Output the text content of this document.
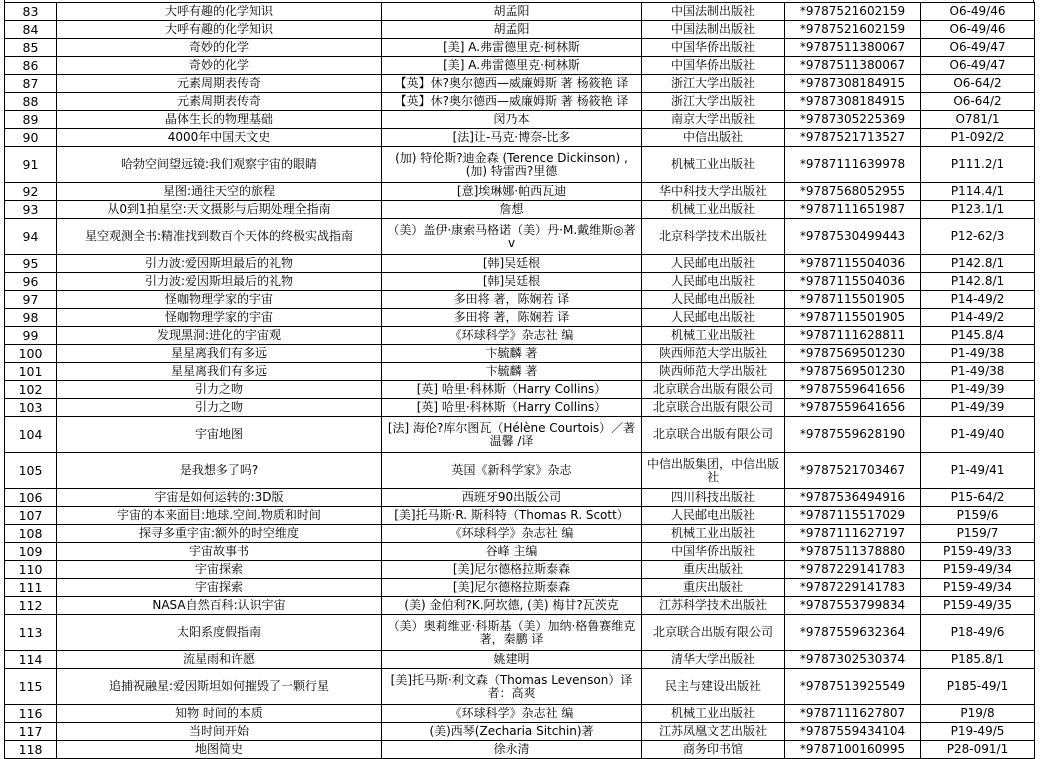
83	大呼有趣的化学知识	胡孟阳	中国法制出版社	*9787521602159	O6-49/46
84	大呼有趣的化学知识	胡孟阳	中国法制出版社	*9787521602159	O6-49/46
85	奇妙的化学	[美] A.弗雷德里克·柯林斯	中国华侨出版社	*9787511380067	O6-49/47
86	奇妙的化学	[美] A.弗雷德里克·柯林斯	中国华侨出版社	*9787511380067	O6-49/47
87	元素周期表传奇	【英】休?奥尔德西—威廉姆斯 著 杨筱艳 译	浙江大学出版社	*9787308184915	O6-64/2
88	元素周期表传奇	【英】休?奥尔德西—威廉姆斯 著 杨筱艳 译	浙江大学出版社	*9787308184915	O6-64/2
89	晶体生长的物理基础	闵乃本	南京大学出版社	*9787305225369	O781/1
90	4000年中国天文史	[法]让-马克·博奈-比多	中信出版社	*9787521713527	P1-092/2
91	哈勃空间望远镜:我们观察宇宙的眼睛	(加) 特伦斯?迪金森 (Terence Dickinson) , (加) 特雷西?里德	机械工业出版社	*9787111639978	P111.2/1
92	星图:通往天空的旅程	[意]埃琳娜·帕西瓦迪	华中科技大学出版社	*9787568052955	P114.4/1
93	从0到1拍星空:天文摄影与后期处理全指南	詹想	机械工业出版社	*9787111651987	P123.1/1
94	星空观测全书:精准找到数百个天体的终极实战指南	（美）盖伊·康索马格诺（美）丹·M.戴维斯◎著v	北京科学技术出版社	*9787530499443	P12-62/3
95	引力波:爱因斯坦最后的礼物	[韩]吴廷根	人民邮电出版社	*9787115504036	P142.8/1
96	引力波:爱因斯坦最后的礼物	[韩]吴廷根	人民邮电出版社	*9787115504036	P142.8/1
97	怪咖物理学家的宇宙	多田将 著，陈娴若 译	人民邮电出版社	*9787115501905	P14-49/2
98	怪咖物理学家的宇宙	多田将 著，陈娴若 译	人民邮电出版社	*9787115501905	P14-49/2
99	发现黑洞:进化的宇宙观	《环球科学》杂志社 编	机械工业出版社	*9787111628811	P145.8/4
100	星星离我们有多远	卞毓麟 著	陕西师范大学出版社	*9787569501230	P1-49/38
101	星星离我们有多远	卞毓麟 著	陕西师范大学出版社	*9787569501230	P1-49/38
102	引力之吻	[英] 哈里·科林斯（Harry Collins）	北京联合出版有限公司	*9787559641656	P1-49/39
103	引力之吻	[英] 哈里·科林斯（Harry Collins）	北京联合出版有限公司	*9787559641656	P1-49/39
104	宇宙地图	[法] 海伦?库尔图瓦（Hélène Courtois）／著 温馨 /译	北京联合出版有限公司	*9787559628190	P1-49/40
105	是我想多了吗?	英国《新科学家》杂志	中信出版集团，中信出版社	*9787521703467	P1-49/41
106	宇宙是如何运转的:3D版	西班牙90出版公司	四川科技出版社	*9787536494916	P15-64/2
107	宇宙的本来面目:地球.空间.物质和时间	[美]托马斯·R. 斯科特（Thomas R. Scott）	人民邮电出版社	*9787115517029	P159/6
108	探寻多重宇宙:额外的时空维度	《环球科学》杂志社 编	机械工业出版社	*9787111627197	P159/7
109	宇宙故事书	谷峰 主编	中国华侨出版社	*9787511378880	P159-49/33
110	宇宙探索	[美]尼尔德格拉斯泰森	重庆出版社	*9787229141783	P159-49/34
111	宇宙探索	[美]尼尔德格拉斯泰森	重庆出版社	*9787229141783	P159-49/34
112	NASA自然百科:认识宇宙	(美) 金伯利?K.阿坎德, (美) 梅甘?瓦茨克	江苏科学技术出版社	*9787553799834	P159-49/35
113	太阳系度假指南	（美）奥莉维亚·科斯基（美）加纳·格鲁赛维克 著，秦鹏 译	北京联合出版有限公司	*9787559632364	P18-49/6
114	流星雨和许愿	姚建明	清华大学出版社	*9787302530374	P185.8/1
115	追捕祝融星:爱因斯坦如何摧毁了一颗行星	[美]托马斯·利文森（Thomas Levenson）译者：高爽	民主与建设出版社	*9787513925549	P185-49/1
116	知物 时间的本质	《环球科学》杂志社 编	机械工业出版社	*9787111627807	P19/8
117	当时间开始	(美)西琴(Zecharia Sitchin)著	江苏凤凰文艺出版社	*9787559434104	P19-49/5
118	地图简史	徐永清	商务印书馆	*9787100160995	P28-091/1
